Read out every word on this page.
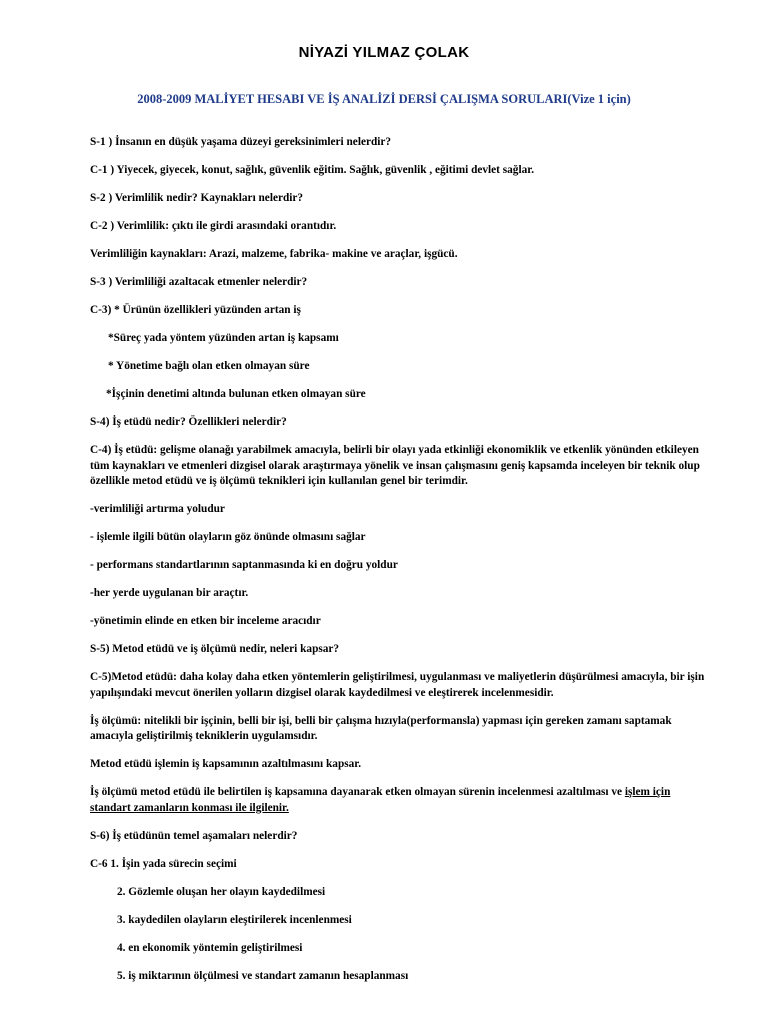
NİYAZİ YILMAZ ÇOLAK
2008-2009 MALİYET HESABI VE İŞ ANALİZİ DERSİ ÇALIŞMA SORULARI(Vize 1 için)

S-1 ) İnsanın en düşük yaşama düzeyi gereksinimleri nelerdir?

C-1 ) Yiyecek, giyecek, konut, sağlık, güvenlik eğitim. Sağlık, güvenlik , eğitimi devlet sağlar.

S-2 ) Verimlilik nedir? Kaynakları nelerdir?

C-2 ) Verimlilik: çıktı ile girdi arasındaki orantıdır.

Verimliliğin kaynakları: Arazi, malzeme, fabrika- makine ve araçlar, işgücü.

S-3 ) Verimliliği azaltacak etmenler nelerdir?

C-3) * Ürünün özellikleri yüzünden artan iş

*Süreç yada yöntem yüzünden artan iş kapsamı

* Yönetime bağlı olan etken olmayan süre

*İşçinin denetimi altında bulunan etken olmayan süre

S-4) İş etüdü nedir? Özellikleri nelerdir?

C-4) İş etüdü: gelişme olanağı yarabilmek amacıyla, belirli bir olayı yada etkinliği ekonomiklik ve etkenlik yönünden etkileyen tüm kaynakları ve etmenleri dizgisel olarak araştırmaya yönelik ve insan çalışmasını geniş kapsamda inceleyen bir teknik olup özellikle metod etüdü ve iş ölçümü teknikleri için kullanılan genel bir terimdir.

-verimliliği artırma yoludur

- işlemle ilgili bütün olayların göz önünde olmasını sağlar

- performans standartlarının saptanmasında ki en doğru yoldur

-her yerde uygulanan bir araçtır.

-yönetimin elinde en etken bir inceleme aracıdır

S-5) Metod etüdü ve iş ölçümü nedir, neleri kapsar?

C-5)Metod etüdü: daha kolay daha etken yöntemlerin geliştirilmesi, uygulanması ve maliyetlerin düşürülmesi amacıyla, bir işin yapılışındaki mevcut önerilen yolların dizgisel olarak kaydedilmesi ve eleştirerek incelenmesidir.

İş ölçümü: nitelikli bir işçinin, belli bir işi, belli bir çalışma hızıyla(performansla) yapması için gereken zamanı saptamak amacıyla geliştirilmiş tekniklerin uygulamsıdır.

Metod etüdü işlemin iş kapsamının azaltılmasını kapsar.

İş ölçümü metod etüdü ile belirtilen iş kapsamına dayanarak etken olmayan sürenin incelenmesi azaltılması ve işlem için standart zamanların konması ile ilgilenir.

S-6) İş etüdünün temel aşamaları nelerdir?

C-6 1. İşin yada sürecin seçimi

2. Gözlemle oluşan her olayın kaydedilmesi

3. kaydedilen olayların eleştirilerek incenlenmesi

4. en ekonomik yöntemin geliştirilmesi

5. iş miktarının ölçülmesi ve standart zamanın hesaplanması
